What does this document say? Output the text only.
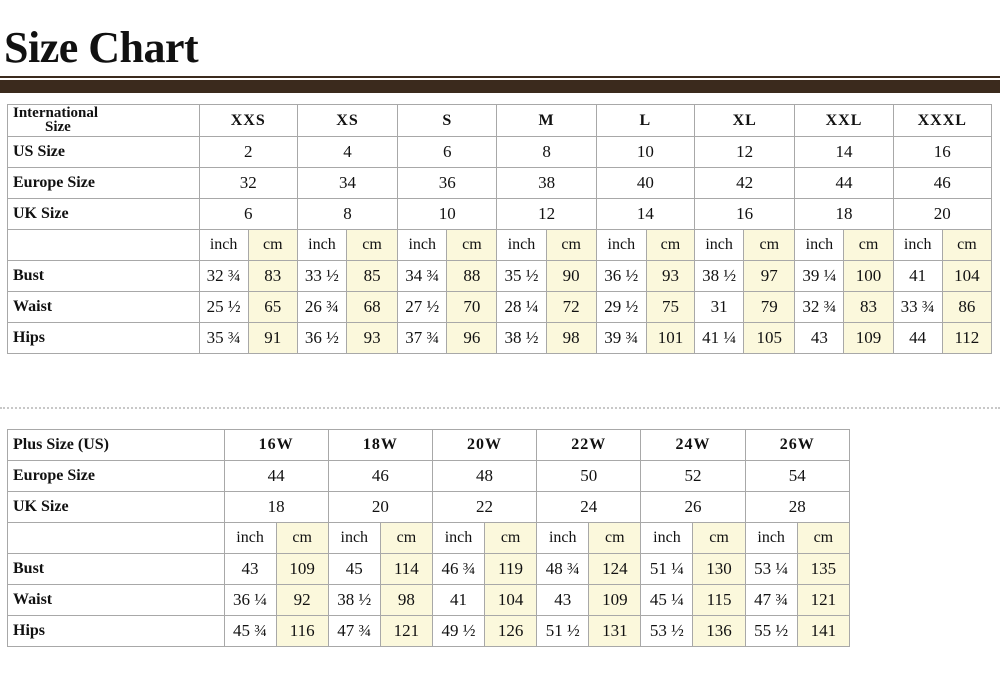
Size Chart
International
Size	XXS		XS		S		M		L		XL		XXL		XXXL	
US Size	2		4		6		8		10		12		14		16	
Europe Size	32		34		36		38		40		42		44		46	
UK Size	6		8		10		12		14		16		18		20	
	inch	cm	inch	cm	inch	cm	inch	cm	inch	cm	inch	cm	inch	cm	inch	cm
Bust	32 ¾	83	33 ½	85	34 ¾	88	35 ½	90	36 ½	93	38 ½	97	39 ¼	100	41	104
Waist	25 ½	65	26 ¾	68	27 ½	70	28 ¼	72	29 ½	75	31	79	32 ¾	83	33 ¾	86
Hips	35 ¾	91	36 ½	93	37 ¾	96	38 ½	98	39 ¾	101	41 ¼	105	43	109	44	112
Plus Size (US)	16W		18W		20W		22W		24W		26W	
Europe Size	44		46		48		50		52		54	
UK Size	18		20		22		24		26		28	
	inch	cm	inch	cm	inch	cm	inch	cm	inch	cm	inch	cm
Bust	43	109	45	114	46 ¾	119	48 ¾	124	51 ¼	130	53 ¼	135
Waist	36 ¼	92	38 ½	98	41	104	43	109	45 ¼	115	47 ¾	121
Hips	45 ¾	116	47 ¾	121	49 ½	126	51 ½	131	53 ½	136	55 ½	141
